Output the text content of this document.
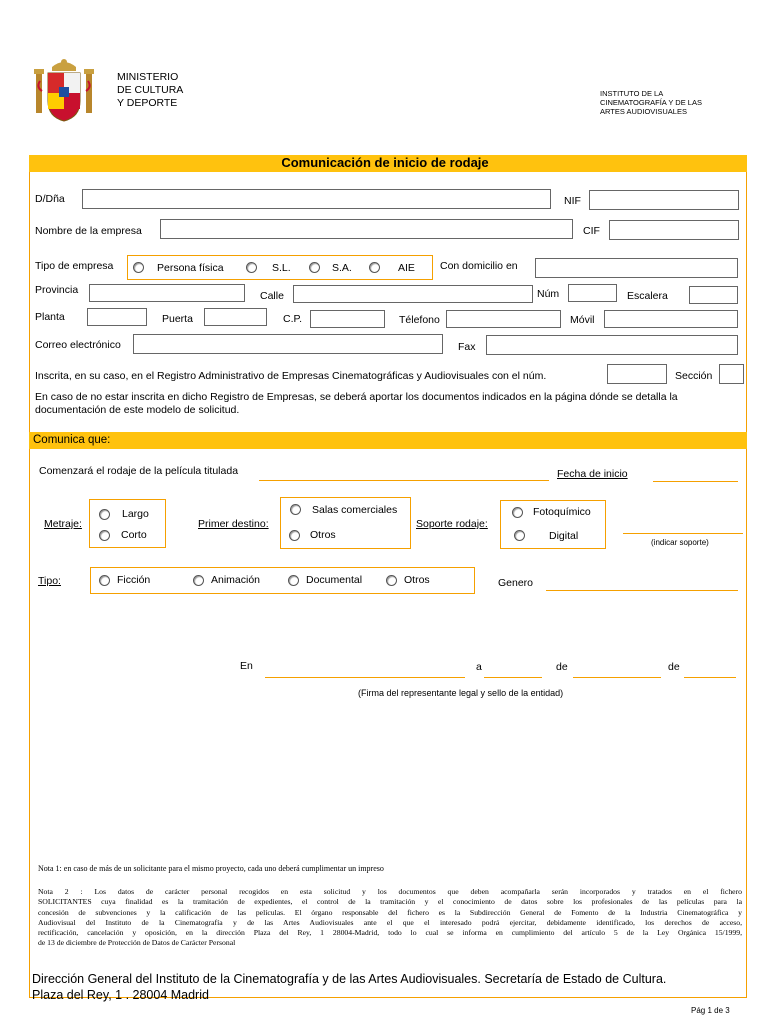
MINISTERIO
DE CULTURA
Y DEPORTE
INSTITUTO DE LA
CINEMATOGRAFÍA Y DE LAS
ARTES AUDIOVISUALES
Comunicación de inicio de rodaje
D/Dña	NIF
Nombre de la empresa	CIF
Tipo de empresa	Persona física	S.L.	S.A.	AIE Con domicilio en
Provincia	Calle	Núm	Escalera
Planta	Puerta	C.P.	Télefono	Móvil
Correo electrónico	Fax
Inscrita, en su caso, en el Registro Administrativo de Empresas Cinematográficas y Audiovisuales con el núm.	Sección
En caso de no estar inscrita en dicho Registro de Empresas, se deberá aportar los documentos indicados en la página dónde se detalla la documentación de este modelo de solicitud.
Comunica que:
Comenzará el rodaje de la película titulada	Fecha de inicio
Metraje:
Largo
Corto
Primer destino:
Salas comerciales
Otros
Soporte rodaje:
Fotoquímico
Digital
(indicar soporte)
Tipo:	Ficción	Animación	Documental	Otros	Genero
En	a	de	de
(Firma del representante legal y sello de la entidad)
Nota 1: en caso de más de un solicitante para el mismo proyecto, cada uno deberá cumplimentar un impreso
Nota 2 : Los datos de carácter personal recogidos en esta solicitud y los documentos que deben acompañarla serán incorporados y tratados en el fichero
SOLICITANTES cuya finalidad es la tramitación de expedientes, el control de la tramitación y el conocimiento de datos sobre los profesionales de las películas para la
concesión de subvenciones y la calificación de las películas. El órgano responsable del fichero es la Subdirección General de Fomento de la Industria Cinematográfica y
Audiovisual del Instituto de la Cinematografía y de las Artes Audiovisuales ante el que el interesado podrá ejercitar, debidamente identificado, los derechos de acceso,
rectificación, cancelación y oposición, en la dirección Plaza del Rey, 1 28004-Madrid, todo lo cual se informa en cumplimiento del artículo 5 de la Ley Orgánica 15/1999,
de 13 de diciembre de Protección de Datos de Carácter Personal
Dirección General del Instituto de la Cinematografía y de las Artes Audiovisuales. Secretaría de Estado de Cultura.
Plaza del Rey, 1 . 28004 Madrid
Pág 1 de 3
